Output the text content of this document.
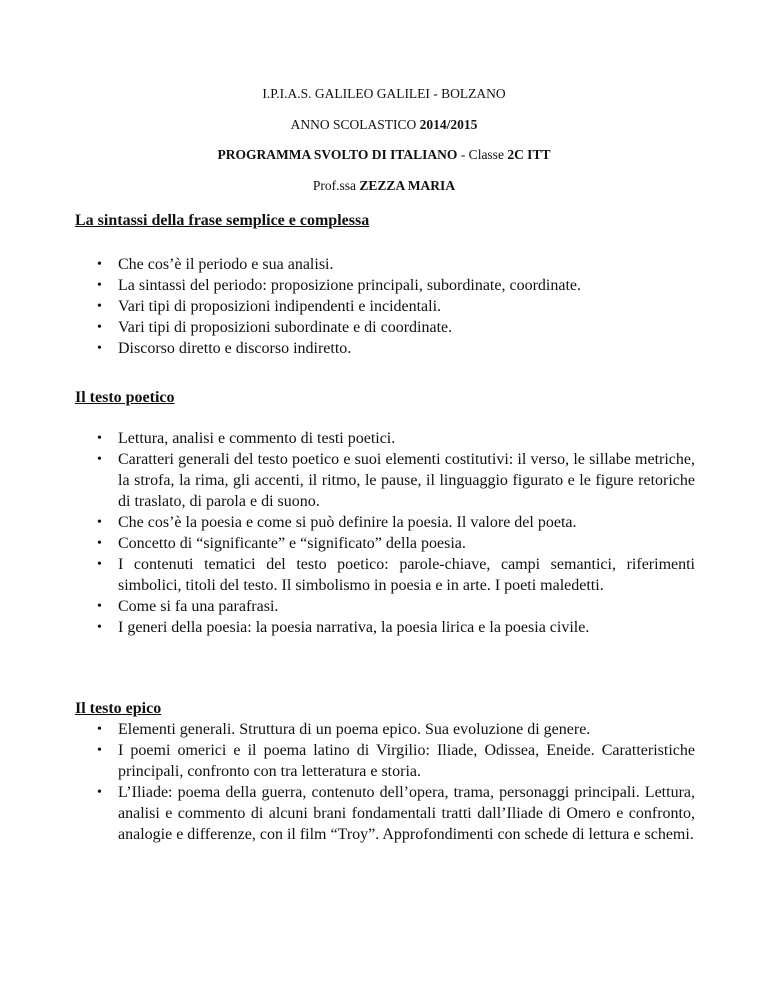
I.P.I.A.S. GALILEO GALILEI - BOLZANO
ANNO SCOLASTICO 2014/2015
PROGRAMMA SVOLTO DI ITALIANO - Classe 2C ITT
Prof.ssa ZEZZA MARIA

La sintassi della frase semplice e complessa

• Che cos’è il periodo e sua analisi.
• La sintassi del periodo: proposizione principali, subordinate, coordinate.
• Vari tipi di proposizioni indipendenti e incidentali.
• Vari tipi di proposizioni subordinate e di coordinate.
• Discorso diretto e discorso indiretto.

Il testo poetico

• Lettura, analisi e commento di testi poetici.
• Caratteri generali del testo poetico e suoi elementi costitutivi: il verso, le sillabe metriche, la strofa, la rima, gli accenti, il ritmo, le pause, il linguaggio figurato e le figure retoriche di traslato, di parola e di suono.
• Che cos’è la poesia e come si può definire la poesia. Il valore del poeta.
• Concetto di “significante” e “significato” della poesia.
• I contenuti tematici del testo poetico: parole-chiave, campi semantici, riferimenti simbolici, titoli del testo. Il simbolismo in poesia e in arte. I poeti maledetti.
• Come si fa una parafrasi.
• I generi della poesia: la poesia narrativa, la poesia lirica e la poesia civile.

Il testo epico

• Elementi generali. Struttura di un poema epico. Sua evoluzione di genere.
• I poemi omerici e il poema latino di Virgilio: Iliade, Odissea, Eneide. Caratteristiche principali, confronto con tra letteratura e storia.
• L’Iliade: poema della guerra, contenuto dell’opera, trama, personaggi principali. Lettura, analisi e commento di alcuni brani fondamentali tratti dall’Iliade di Omero e confronto, analogie e differenze, con il film “Troy”. Approfondimenti con schede di lettura e schemi.
